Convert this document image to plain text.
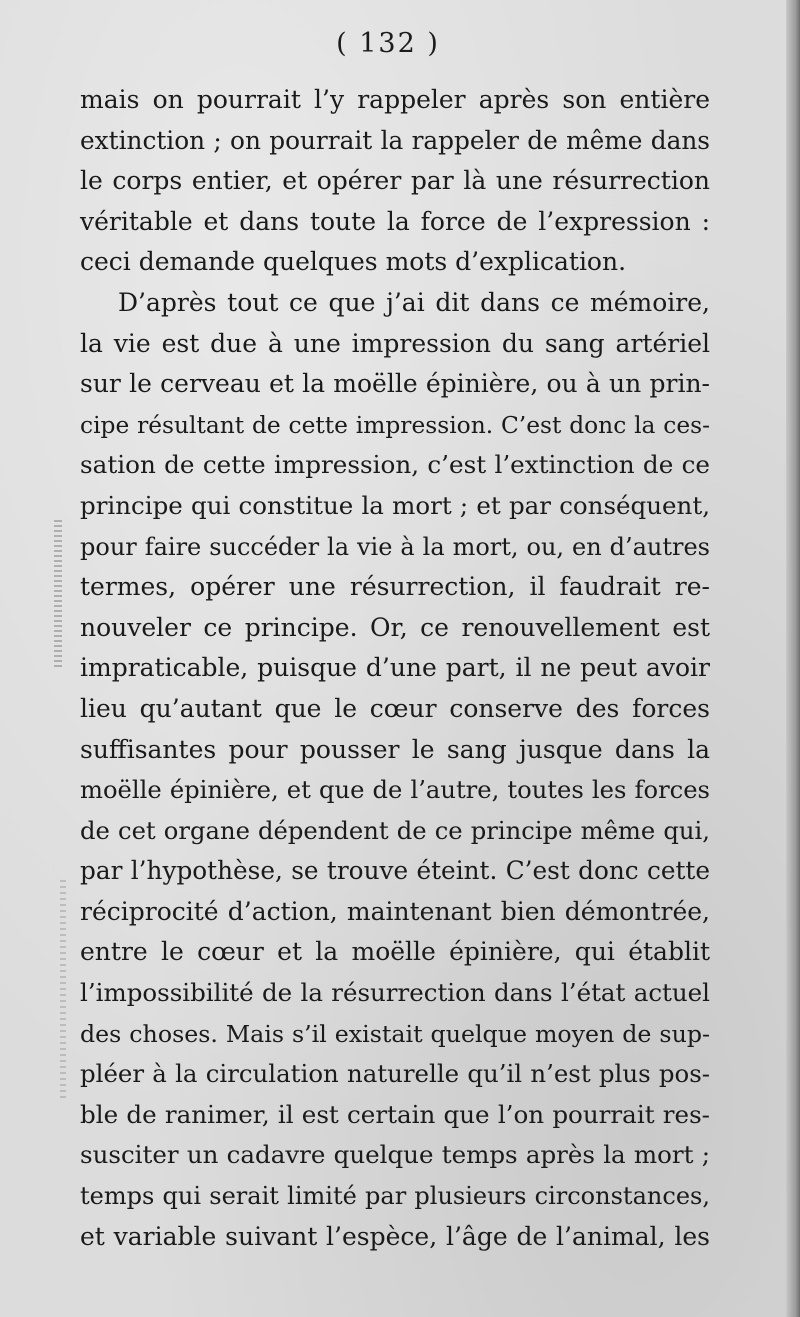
( 132 )
mais on pourrait l’y rappeler après son entière
extinction ; on pourrait la rappeler de même dans
le corps entier, et opérer par là une résurrection
véritable et dans toute la force de l’expression :
ceci demande quelques mots d’explication.
D’après tout ce que j’ai dit dans ce mémoire,
la vie est due à une impression du sang artériel
sur le cerveau et la moëlle épinière, ou à un prin-
cipe résultant de cette impression. C’est donc la ces-
sation de cette impression, c’est l’extinction de ce
principe qui constitue la mort ; et par conséquent,
pour faire succéder la vie à la mort, ou, en d’autres
termes, opérer une résurrection, il faudrait re-
nouveler ce principe. Or, ce renouvellement est
impraticable, puisque d’une part, il ne peut avoir
lieu qu’autant que le cœur conserve des forces
suffisantes pour pousser le sang jusque dans la
moëlle épinière, et que de l’autre, toutes les forces
de cet organe dépendent de ce principe même qui,
par l’hypothèse, se trouve éteint. C’est donc cette
réciprocité d’action, maintenant bien démontrée,
entre le cœur et la moëlle épinière, qui établit
l’impossibilité de la résurrection dans l’état actuel
des choses. Mais s’il existait quelque moyen de sup-
pléer à la circulation naturelle qu’il n’est plus pos-
ble de ranimer, il est certain que l’on pourrait res-
susciter un cadavre quelque temps après la mort ;
temps qui serait limité par plusieurs circonstances,
et variable suivant l’espèce, l’âge de l’animal, les
